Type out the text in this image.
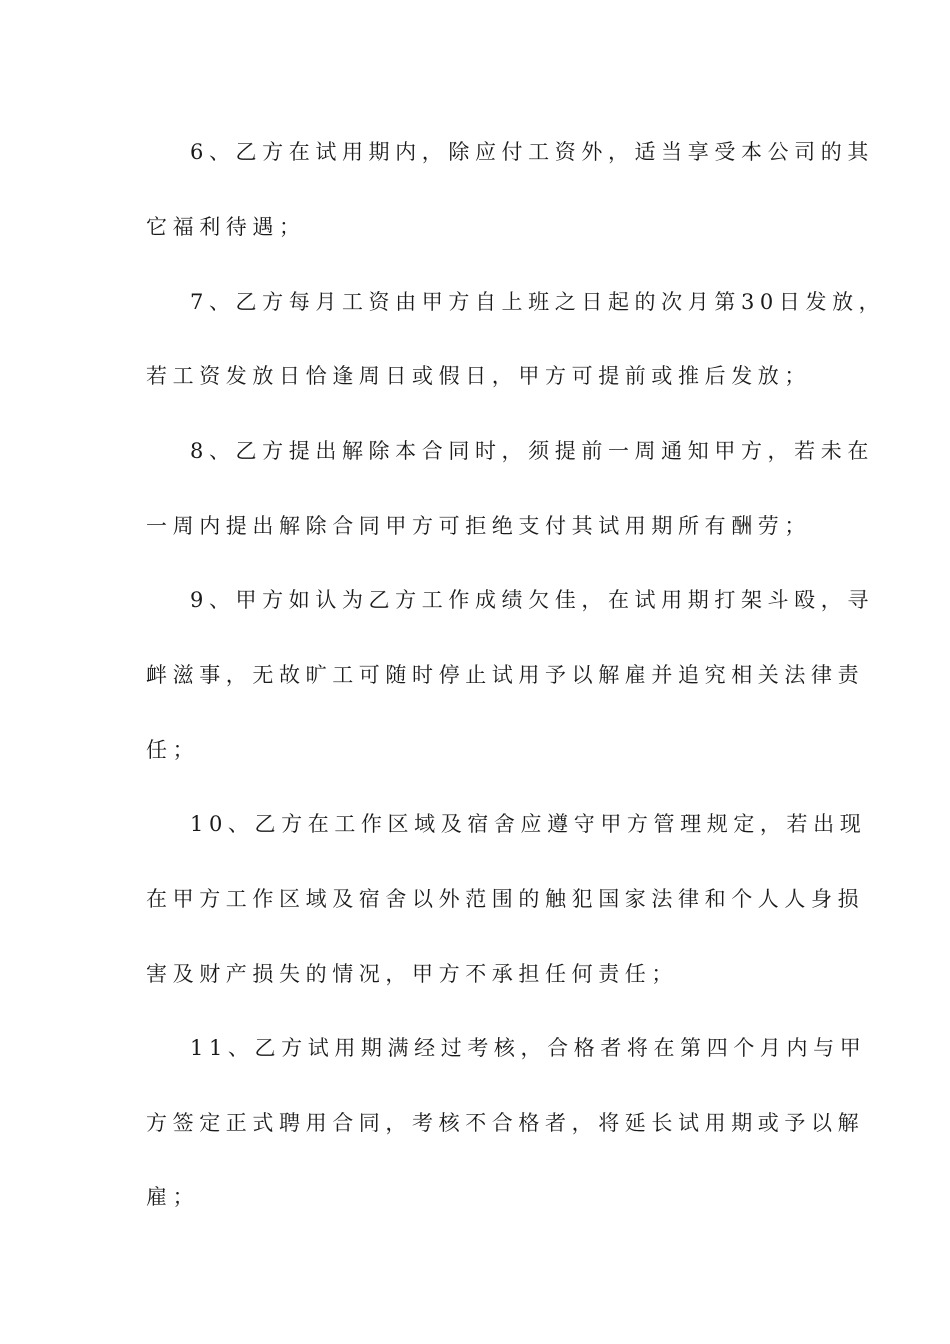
6、乙方在试用期内，除应付工资外，适当享受本公司的其
它福利待遇；
7、乙方每月工资由甲方自上班之日起的次月第30日发放，
若工资发放日恰逢周日或假日，甲方可提前或推后发放；
8、乙方提出解除本合同时，须提前一周通知甲方，若未在
一周内提出解除合同甲方可拒绝支付其试用期所有酬劳；
9、甲方如认为乙方工作成绩欠佳，在试用期打架斗殴，寻
衅滋事，无故旷工可随时停止试用予以解雇并追究相关法律责
任；
10、乙方在工作区域及宿舍应遵守甲方管理规定，若出现
在甲方工作区域及宿舍以外范围的触犯国家法律和个人人身损
害及财产损失的情况，甲方不承担任何责任；
11、乙方试用期满经过考核，合格者将在第四个月内与甲
方签定正式聘用合同，考核不合格者，将延长试用期或予以解
雇；
